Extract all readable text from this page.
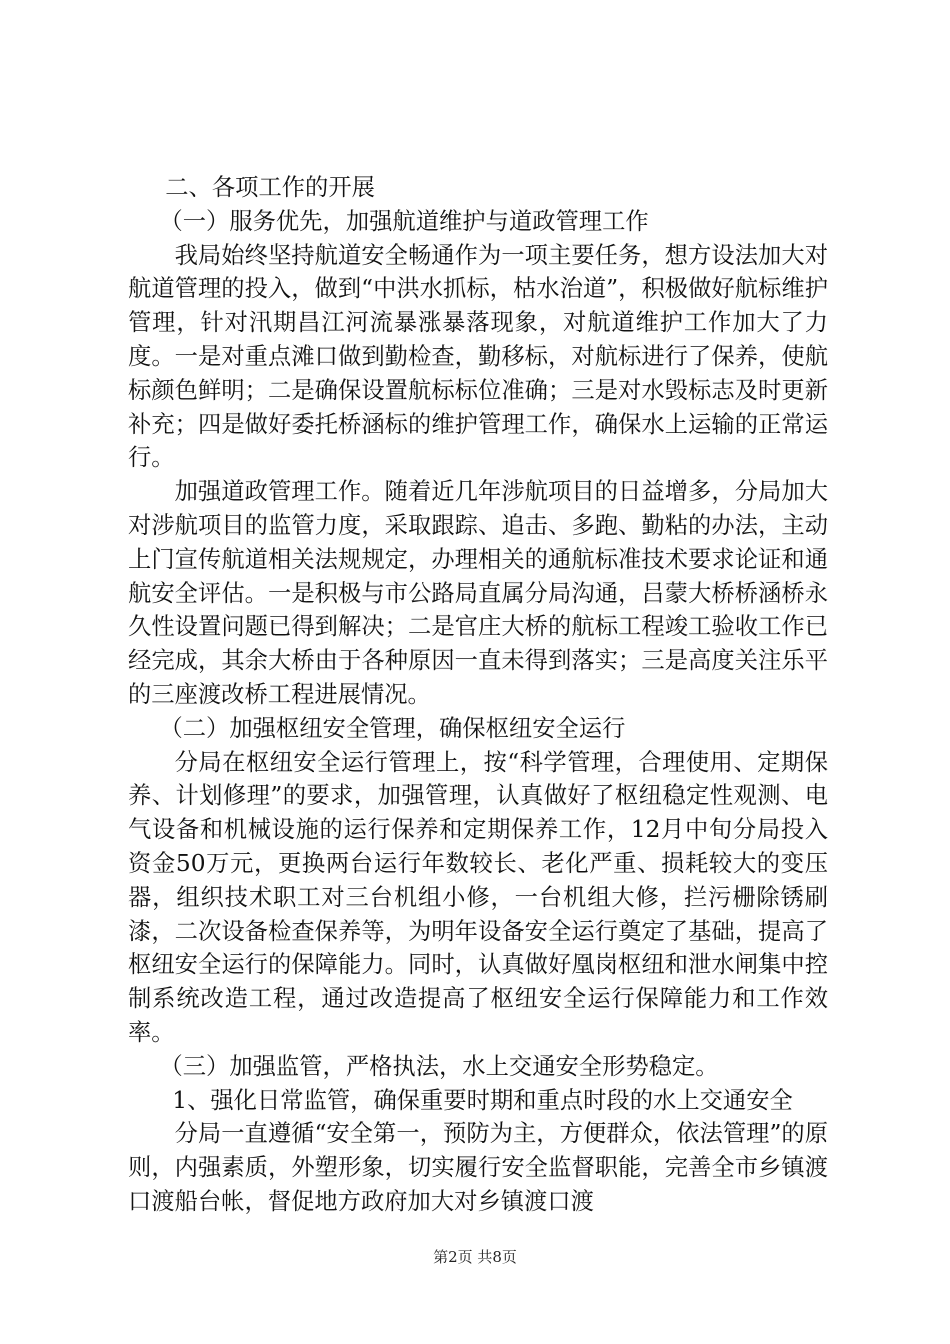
二、各项工作的开展

（一）服务优先，加强航道维护与道政管理工作

我局始终坚持航道安全畅通作为一项主要任务，想方设法加大对航道管理的投入，做到“中洪水抓标，枯水治道”，积极做好航标维护管理，针对汛期昌江河流暴涨暴落现象，对航道维护工作加大了力度。一是对重点滩口做到勤检查，勤移标，对航标进行了保养，使航标颜色鲜明；二是确保设置航标标位准确；三是对水毁标志及时更新补充；四是做好委托桥涵标的维护管理工作，确保水上运输的正常运行。

加强道政管理工作。随着近几年涉航项目的日益增多，分局加大对涉航项目的监管力度，采取跟踪、追击、多跑、勤粘的办法，主动上门宣传航道相关法规规定，办理相关的通航标准技术要求论证和通航安全评估。一是积极与市公路局直属分局沟通，吕蒙大桥桥涵桥永久性设置问题已得到解决；二是官庄大桥的航标工程竣工验收工作已经完成，其余大桥由于各种原因一直未得到落实；三是高度关注乐平的三座渡改桥工程进展情况。

（二）加强枢纽安全管理，确保枢纽安全运行

分局在枢纽安全运行管理上，按“科学管理，合理使用、定期保养、计划修理”的要求，加强管理，认真做好了枢纽稳定性观测、电气设备和机械设施的运行保养和定期保养工作，12月中旬分局投入资金50万元，更换两台运行年数较长、老化严重、损耗较大的变压器，组织技术职工对三台机组小修，一台机组大修，拦污栅除锈刷漆，二次设备检查保养等，为明年设备安全运行奠定了基础，提高了枢纽安全运行的保障能力。同时，认真做好凰岗枢纽和泄水闸集中控制系统改造工程，通过改造提高了枢纽安全运行保障能力和工作效率。

（三）加强监管，严格执法，水上交通安全形势稳定。

1、强化日常监管，确保重要时期和重点时段的水上交通安全

分局一直遵循“安全第一，预防为主，方便群众，依法管理”的原则，内强素质，外塑形象，切实履行安全监督职能，完善全市乡镇渡口渡船台帐，督促地方政府加大对乡镇渡口渡

第2页 共8页
